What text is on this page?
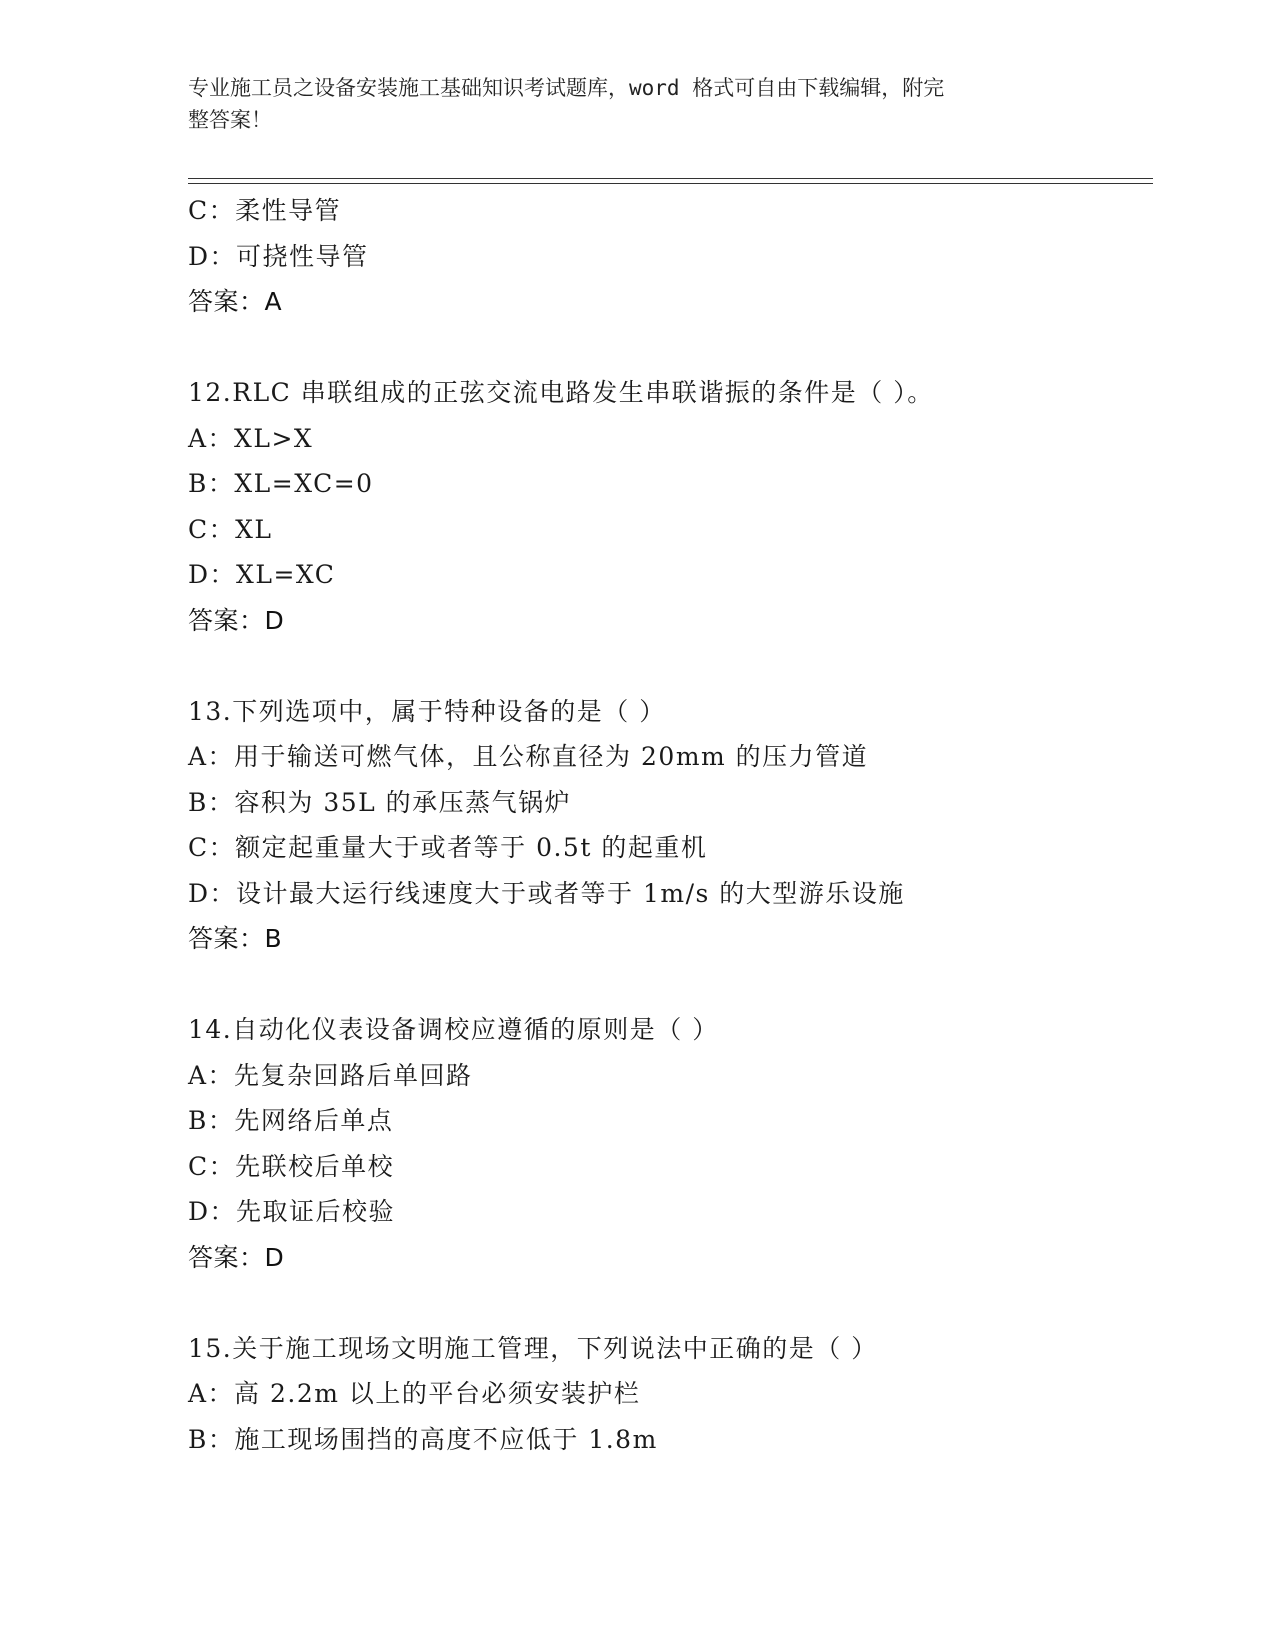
专业施工员之设备安装施工基础知识考试题库，word 格式可自由下载编辑，附完
整答案！
C：柔性导管
D：可挠性导管
答案：A
12.RLC 串联组成的正弦交流电路发生串联谐振的条件是（ ）。
A：XL>X
B：XL=XC=0
C：XL
D：XL=XC
答案：D
13.下列选项中，属于特种设备的是（ ）
A：用于输送可燃气体，且公称直径为 20mm 的压力管道
B：容积为 35L 的承压蒸气锅炉
C：额定起重量大于或者等于 0.5t 的起重机
D：设计最大运行线速度大于或者等于 1m/s 的大型游乐设施
答案：B
14.自动化仪表设备调校应遵循的原则是（ ）
A：先复杂回路后单回路
B：先网络后单点
C：先联校后单校
D：先取证后校验
答案：D
15.关于施工现场文明施工管理，下列说法中正确的是（ ）
A：高 2.2m 以上的平台必须安装护栏
B：施工现场围挡的高度不应低于 1.8m
